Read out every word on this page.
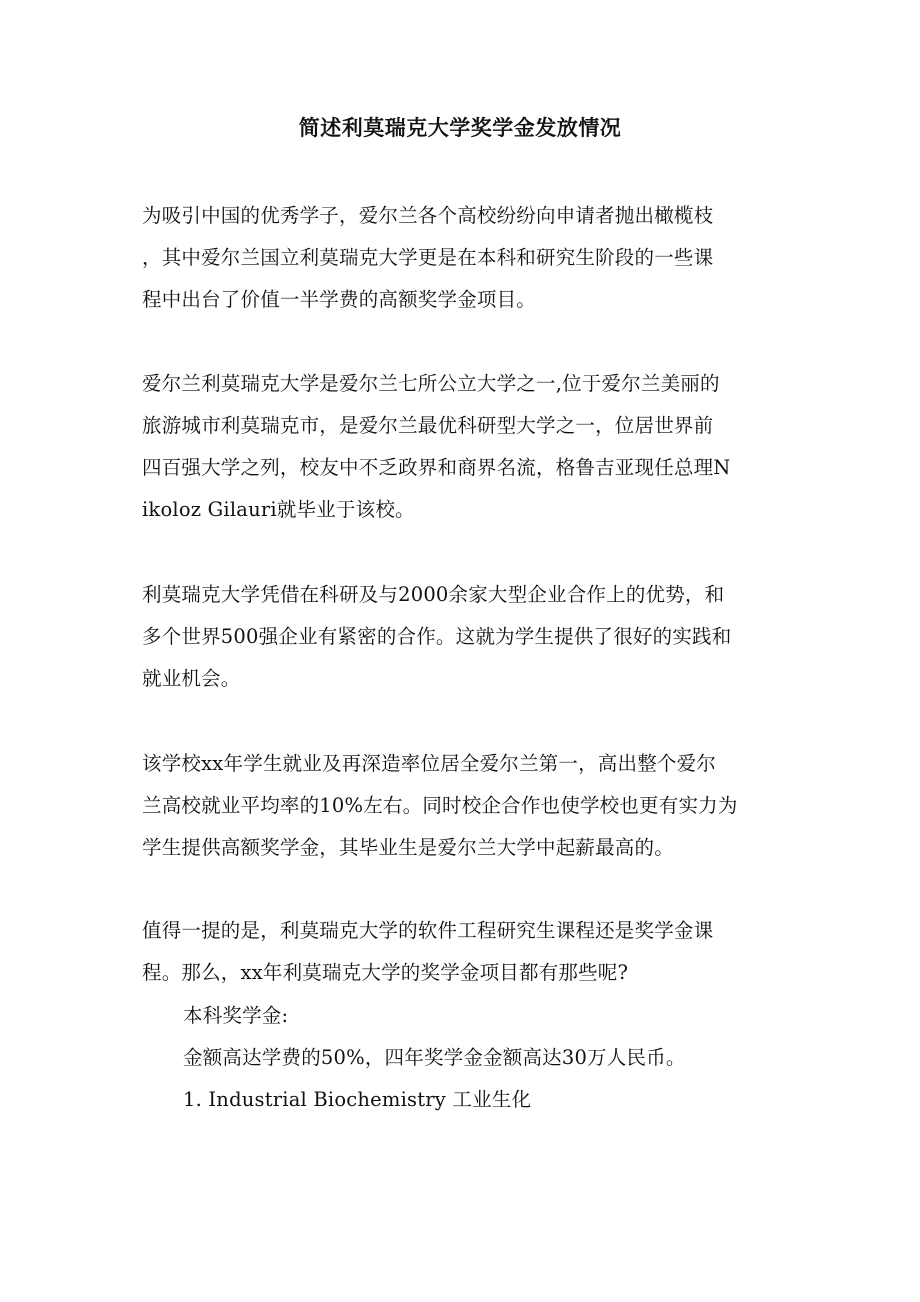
简述利莫瑞克大学奖学金发放情况
为吸引中国的优秀学子，爱尔兰各个高校纷纷向申请者抛出橄榄枝
，其中爱尔兰国立利莫瑞克大学更是在本科和研究生阶段的一些课
程中出台了价值一半学费的高额奖学金项目。
爱尔兰利莫瑞克大学是爱尔兰七所公立大学之一,位于爱尔兰美丽的
旅游城市利莫瑞克市，是爱尔兰最优科研型大学之一，位居世界前
四百强大学之列，校友中不乏政界和商界名流，格鲁吉亚现任总理N
ikoloz Gilauri就毕业于该校。
利莫瑞克大学凭借在科研及与2000余家大型企业合作上的优势，和
多个世界500强企业有紧密的合作。这就为学生提供了很好的实践和
就业机会。
该学校xx年学生就业及再深造率位居全爱尔兰第一，高出整个爱尔
兰高校就业平均率的10%左右。同时校企合作也使学校也更有实力为
学生提供高额奖学金，其毕业生是爱尔兰大学中起薪最高的。
值得一提的是，利莫瑞克大学的软件工程研究生课程还是奖学金课
程。那么，xx年利莫瑞克大学的奖学金项目都有那些呢?
本科奖学金:
金额高达学费的50%，四年奖学金金额高达30万人民币。
1. Industrial Biochemistry 工业生化
